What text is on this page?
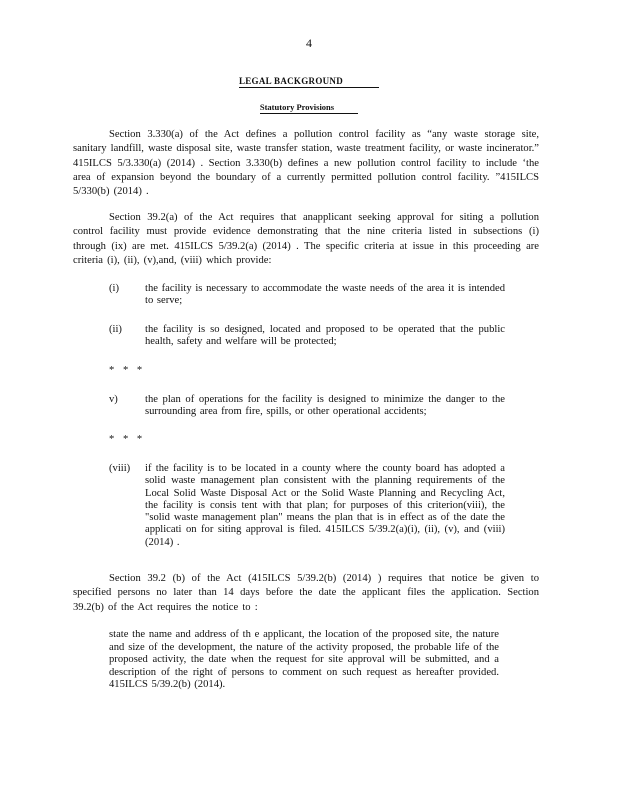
4
LEGAL BACKGROUND
Statutory Provisions
Section 3.330(a) of the Act defines a pollution control facility as “any waste storage site, sanitary landfill, waste disposal site, waste transfer station, waste treatment facility, or waste incinerator.” 415ILCS 5/3.330(a) (2014) . Section 3.330(b) defines a new pollution control facility to include ‘the area of expansion beyond the boundary of a currently permitted pollution control facility. ”415ILCS 5/330(b) (2014) .
Section 39.2(a) of the Act requires that anapplicant seeking approval for siting a pollution control facility must provide evidence demonstrating that the nine criteria listed in subsections (i) through (ix) are met. 415ILCS 5/39.2(a) (2014) . The specific criteria at issue in this proceeding are criteria (i), (ii), (v),and, (viii) which provide:
(i)	the facility is necessary to accommodate the waste needs of the area it is intended to serve;
(ii)	the facility is so designed, located and proposed to be operated that the public health, safety and welfare will be protected;
* * *
v)	the plan of operations for the facility is designed to minimize the danger to the surrounding area from fire, spills, or other operational accidents;
* * *
(viii)	if the facility is to be located in a county where the county board has adopted a solid waste management plan consistent with the planning requirements of the Local Solid Waste Disposal Act or the Solid Waste Planning and Recycling Act, the facility is consis tent with that plan; for purposes of this criterion(viii), the "solid waste management plan" means the plan that is in effect as of the date the applicati on for siting approval is filed. 415ILCS 5/39.2(a)(i), (ii), (v), and (viii) (2014) .
Section 39.2 (b) of the Act (415ILCS 5/39.2(b) (2014) ) requires that notice be given to specified persons no later than 14 days before the date the applicant files the application. Section 39.2(b) of the Act requires the notice to :
state the name and address of th e applicant, the location of the proposed site, the nature and size of the development, the nature of the activity proposed, the probable life of the proposed activity, the date when the request for site approval will be submitted, and a description of the right of persons to comment on such request as hereafter provided. 415ILCS 5/39.2(b) (2014).
